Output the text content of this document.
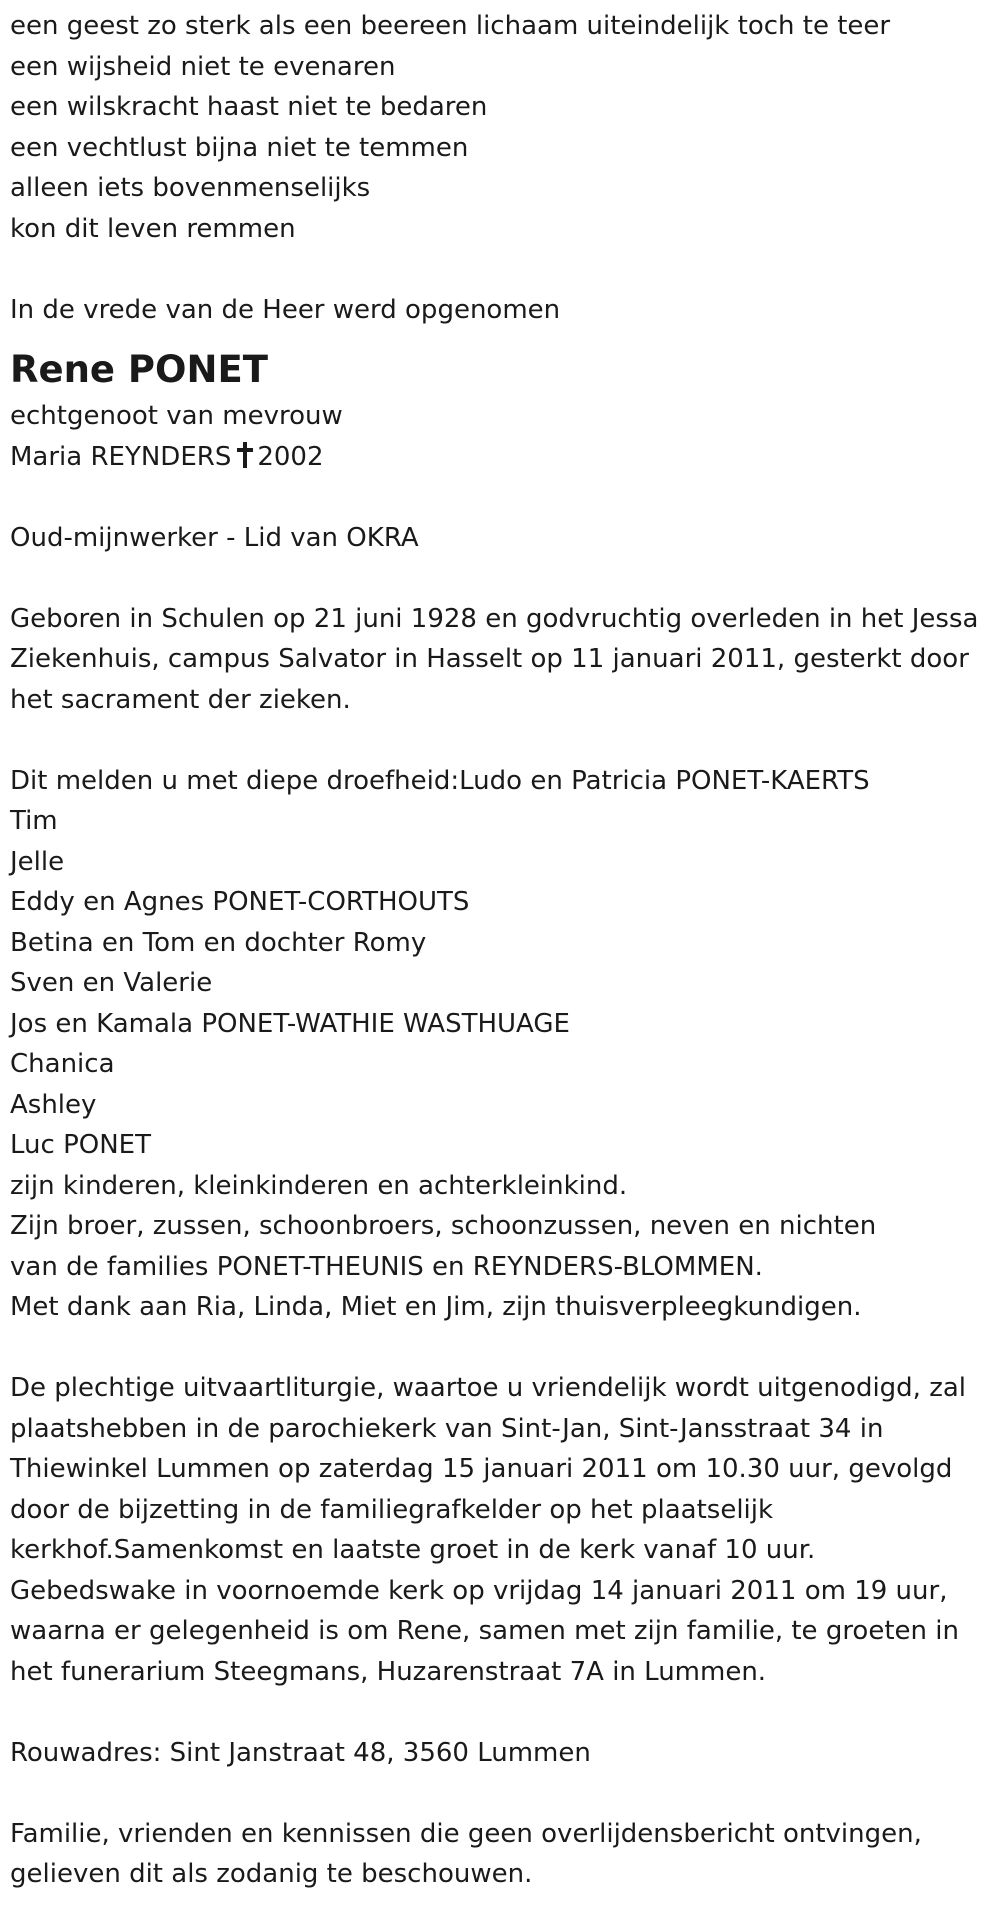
een geest zo sterk als een beereen lichaam uiteindelijk toch te teer
een wijsheid niet te evenaren
een wilskracht haast niet te bedaren
een vechtlust bijna niet te temmen
alleen iets bovenmenselijks
kon dit leven remmen
In de vrede van de Heer werd opgenomen
Rene PONET
echtgenoot van mevrouw
Maria REYNDERS 2002
Oud-mijnwerker - Lid van OKRA
Geboren in Schulen op 21 juni 1928 en godvruchtig overleden in het Jessa
Ziekenhuis, campus Salvator in Hasselt op 11 januari 2011, gesterkt door
het sacrament der zieken.
Dit melden u met diepe droefheid:Ludo en Patricia PONET-KAERTS
Tim
Jelle
Eddy en Agnes PONET-CORTHOUTS
Betina en Tom en dochter Romy
Sven en Valerie
Jos en Kamala PONET-WATHIE WASTHUAGE
Chanica
Ashley
Luc PONET
zijn kinderen, kleinkinderen en achterkleinkind.
Zijn broer, zussen, schoonbroers, schoonzussen, neven en nichten
van de families PONET-THEUNIS en REYNDERS-BLOMMEN.
Met dank aan Ria, Linda, Miet en Jim, zijn thuisverpleegkundigen.
De plechtige uitvaartliturgie, waartoe u vriendelijk wordt uitgenodigd, zal
plaatshebben in de parochiekerk van Sint-Jan, Sint-Jansstraat 34 in
Thiewinkel Lummen op zaterdag 15 januari 2011 om 10.30 uur, gevolgd
door de bijzetting in de familiegrafkelder op het plaatselijk
kerkhof.Samenkomst en laatste groet in de kerk vanaf 10 uur.
Gebedswake in voornoemde kerk op vrijdag 14 januari 2011 om 19 uur,
waarna er gelegenheid is om Rene, samen met zijn familie, te groeten in
het funerarium Steegmans, Huzarenstraat 7A in Lummen.
Rouwadres: Sint Janstraat 48, 3560 Lummen
Familie, vrienden en kennissen die geen overlijdensbericht ontvingen,
gelieven dit als zodanig te beschouwen.
